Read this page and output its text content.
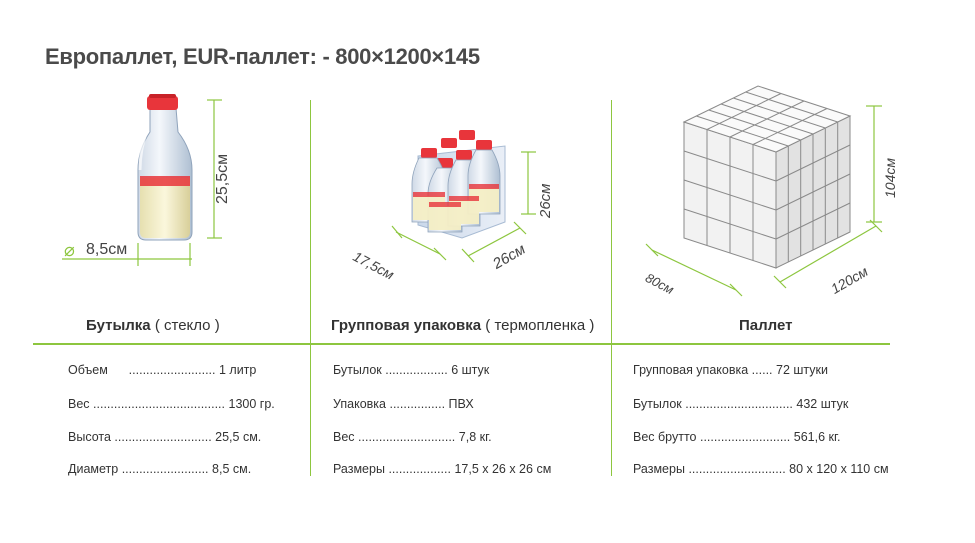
Европаллет, EUR-паллет: - 800×1200×145
25,5см
⌀ 8,5см	17,5см	26см
26см
80см	120см
104см
Бутылка ( стекло )	Групповая упаковка ( термопленка )	Паллет
Объем ......................... 1 литр
Вес ...................................... 1300 гр.
Высота ............................ 25,5 см.
Диаметр ......................... 8,5 см.
Бутылок .................. 6 штук
Упаковка ................ ПВХ
Вес ............................ 7,8 кг.
Размеры .................. 17,5 x 26 x 26 см
Групповая упаковка ...... 72 штуки
Бутылок ............................... 432 штук
Вес брутто .......................... 561,6 кг.
Размеры ............................ 80 x 120 x 110 см
